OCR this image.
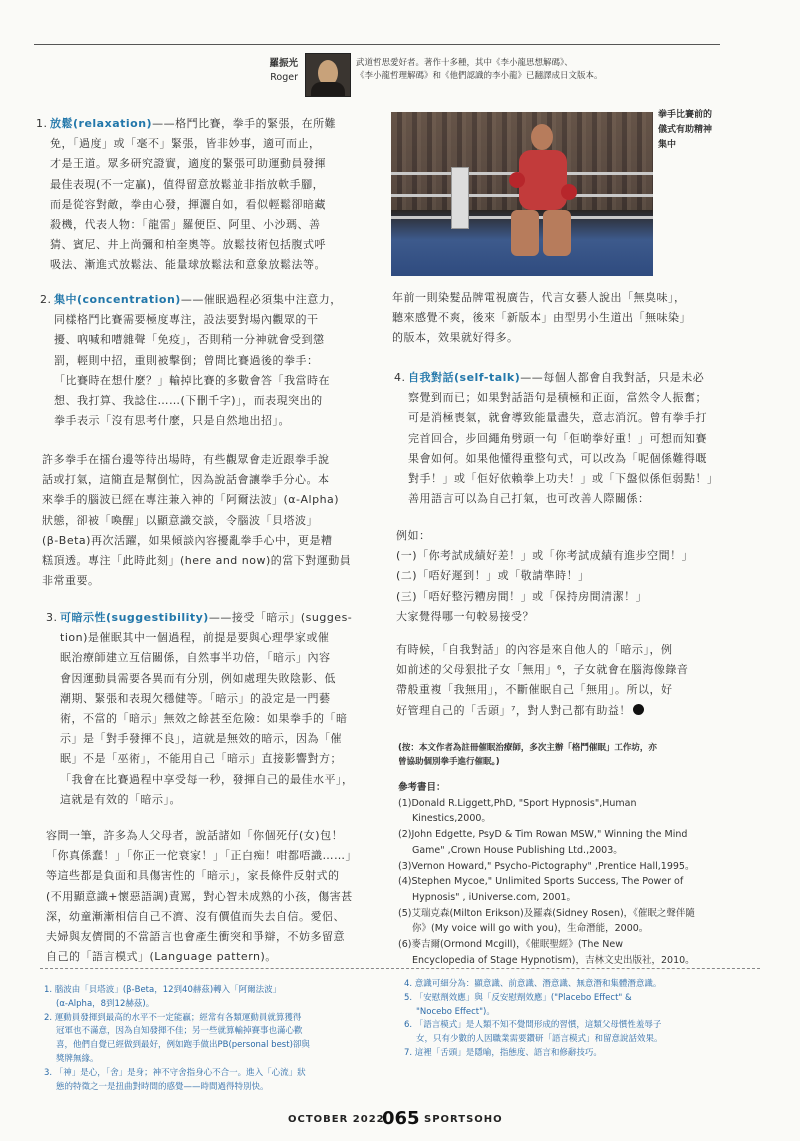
羅振光
Roger
武道哲思愛好者。著作十多種，其中《李小龍思想解碼》、
《李小龍哲理解碼》和《他們認識的李小龍》已翻譯成日文版本。
1. 放鬆(relaxation)——格鬥比賽，拳手的緊張，在所難
免，「過度」或「毫不」緊張，皆非妙事，適可而止，
才是王道。眾多研究證實，適度的緊張可助運動員發揮
最佳表現(不一定贏)，值得留意放鬆並非指放軟手腳，
而是從容對敵，拳由心發，揮灑自如，看似輕鬆卻暗藏
殺機，代表人物：「龍雷」羅便臣、阿里、小沙瑪、善
猜、賓尼、井上尚彌和柏奎奧等。放鬆技術包括腹式呼
吸法、漸進式放鬆法、能量球放鬆法和意象放鬆法等。
2. 集中(concentration)——催眠過程必須集中注意力，
同樣格鬥比賽需要極度專注，設法要對場內觀眾的干
擾、吶喊和嘈雜聲「免疫」，否則稍一分神就會受到懲
罰，輕則中招，重則被擊倒；曾問比賽過後的拳手：
「比賽時在想什麼？」輸掉比賽的多數會答「我當時在
想、我打算、我諗住……(下刪千字)」，而表現突出的
拳手表示「沒有思考什麼，只是自然地出招」。
許多拳手在擂台邊等待出場時，有些觀眾會走近跟拳手說
話或打氣，這簡直是幫倒忙，因為說話會讓拳手分心。本
來拳手的腦波已經在專注兼入神的「阿爾法波」(α-Alpha)
狀態，卻被「喚醒」以顯意識交談，令腦波「貝塔波」
(β-Beta)再次活躍，如果傾談內容擾亂拳手心中，更是糟
糕頂透。專注「此時此刻」(here and now)的當下對運動員
非常重要。
3. 可暗示性(suggestibility)——接受「暗示」(sugges-
tion)是催眠其中一個過程，前提是要與心理學家或催
眠治療師建立互信關係，自然事半功倍，「暗示」內容
會因運動員需要各異而有分別，例如處理失敗陰影、低
潮期、緊張和表現欠穩健等。「暗示」的設定是一門藝
術，不當的「暗示」無效之餘甚至危險：如果拳手的「暗
示」是「對手發揮不良」，這就是無效的暗示，因為「催
眠」不是「巫術」，不能用自己「暗示」直接影響對方；
「我會在比賽過程中享受每一秒，發揮自己的最佳水平」，
這就是有效的「暗示」。
容問一筆，許多為人父母者，說話諸如「你個死仔(女)包！
「你真係蠢！」「你正一佗衰家！」「正白痴！咁都唔識……」
等這些都是負面和具傷害性的「暗示」，家長條件反射式的
(不用顯意識+懷惡語調)責罵，對心智未成熟的小孩，傷害甚
深，幼童漸漸相信自己不濟、沒有價值而失去自信。愛侶、
夫婦與友儕間的不當語言也會產生衝突和爭辯，不妨多留意
自己的「語言模式」(Language pattern)。
拳手比賽前的
儀式有助精神
集中
年前一則染髮品牌電視廣告，代言女藝人說出「無臭味」，
聽來感覺不爽，後來「新版本」由型男小生道出「無味染」
的版本，效果就好得多。
4. 自我對話(self-talk)——每個人都會自我對話，只是未必
察覺到而已；如果對話語句是積極和正面，當然令人振奮；
可是消極喪氣，就會導致能量盡失，意志消沉。曾有拳手打
完首回合，步回繩角劈頭一句「佢啲拳好重！」可想而知賽
果會如何。如果他懂得重整句式，可以改為「呢個係難得嘅
對手！」或「佢好依賴拳上功夫！」或「下盤似係佢弱點！」
善用語言可以為自己打氣，也可改善人際關係：
例如：
(一)「你考試成績好差！」或「你考試成績有進步空間！」
(二)「唔好遲到！」或「敬請準時！」
(三)「唔好整污糟房間！」或「保持房間清潔！」
大家覺得哪一句較易接受？
有時候，「自我對話」的內容是來自他人的「暗示」，例
如前述的父母狠批子女「無用」⁶，子女就會在腦海像錄音
帶般重複「我無用」，不斷催眠自己「無用」。所以，好
好管理自己的「舌頭」⁷，對人對己都有助益！
(按：本文作者為註冊催眠治療師，多次主辦「格鬥催眠」工作坊，亦
曾協助個別拳手進行催眠。)
參考書目：
(1)Donald R.Liggett,PhD, "Sport Hypnosis",Human
Kinestics,2000。
(2)John Edgette, PsyD & Tim Rowan MSW," Winning the Mind
Game" ,Crown House Publishing Ltd.,2003。
(3)Vernon Howard," Psycho-Pictography" ,Prentice Hall,1995。
(4)Stephen Mycoe," Unlimited Sports Success, The Power of
Hypnosis" , iUniverse.com, 2001。
(5)艾瑞克森(Milton Erikson)及羅森(Sidney Rosen)，《催眠之聲伴隨
你》(My voice will go with you)，生命潛能，2000。
(6)麥吉爾(Ormond Mcgill)，《催眠聖經》(The New
Encyclopedia of Stage Hypnotism)，吉林文史出版社，2010。
1. 腦波由「貝塔波」(β-Beta，12到40赫茲)轉入「阿爾法波」
(α-Alpha，8到12赫茲)。
2. 運動員發揮到最高的水平不一定能贏；經常有各類運動員就算獲得
冠軍也不滿意，因為自知發揮不佳；另一些就算輸掉賽事也滿心歡
喜，他們自覺已經做到最好，例如跑手做出PB(personal best)卻與
獎牌無緣。
3. 「神」是心，「舍」是身；神不守舍指身心不合一。進入「心流」狀
態的特徵之一是扭曲對時間的感覺——時間過得特別快。
4. 意識可細分為：顯意識、前意識、潛意識、無意潛和集體潛意識。
5. 「安慰劑效應」與「反安慰劑效應」("Placebo Effect" &
"Nocebo Effect")。
6. 「語言模式」是人類不知不覺間形成的習慣，這類父母慣性羞辱子
女，只有少數的人因職業需要鑽研「語言模式」和留意說話效果。
7. 這裡「舌頭」是隱喻，指態度、語言和修辭技巧。
OCTOBER 2022
065 SPORTSOHO
